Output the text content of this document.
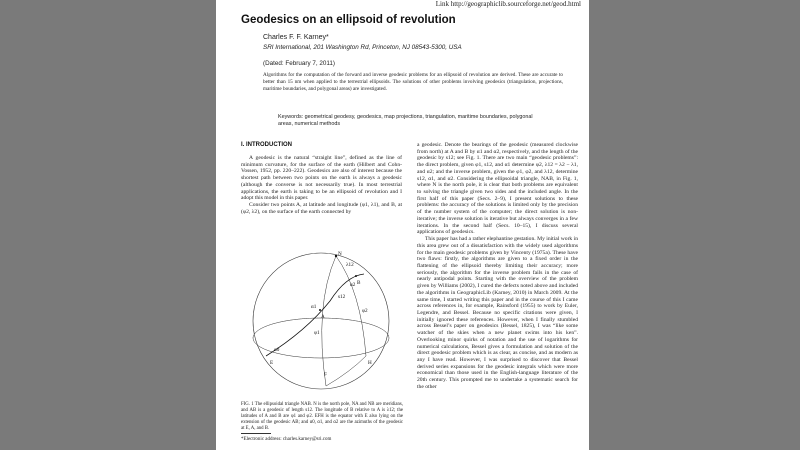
Link http://geographiclib.sourceforge.net/geod.html
Geodesics on an ellipsoid of revolution
Charles F. F. Karney*
SRI International, 201 Washington Rd, Princeton, NJ 08543-5300, USA
(Dated: February 7, 2011)
Algorithms for the computation of the forward and inverse geodesic problems for an ellipsoid of revolution are derived. These are accurate to better than 15 nm when applied to the terrestrial ellipsoids. The solutions of other problems involving geodesics (triangulation, projections, maritime boundaries, and polygonal areas) are investigated.
Keywords: geometrical geodesy, geodesics, map projections, triangulation, maritime boundaries, polygonal areas, numerical methods
I. INTRODUCTION

A geodesic is the natural “straight line”, defined as the line of minimum curvature, for the surface of the earth (Hilbert and Cohn-Vossen, 1952, pp. 220–222). Geodesics are also of interest because the shortest path between two points on the earth is always a geodesic (although the converse is not necessarily true). In most terrestrial applications, the earth is taking to be an ellipsoid of revolution and I adopt this model in this paper.

Consider two points A, at latitude and longitude (φ1, λ1), and B, at (φ2, λ2), on the surface of the earth connected by

N
B
A
E
F
H
α1
α2
α0
φ1
φ2
s12
λ12
FIG. 1 The ellipsoidal triangle NAB. N is the north pole, NA and NB are meridians, and AB is a geodesic of length s12. The longitude of B relative to A is λ12; the latitudes of A and B are φ1 and φ2. EFH is the equator with E also lying on the extension of the geodesic AB; and α0, α1, and α2 are the azimuths of the geodesic at E, A, and B.
*Electronic address: charles.karney@sri.com

a geodesic. Denote the bearings of the geodesic (measured clockwise from north) at A and B by α1 and α2, respectively, and the length of the geodesic by s12; see Fig. 1. There are two main “geodesic problems”: the direct problem, given φ1, s12, and α1 determine φ2, λ12 = λ2 − λ1, and α2; and the inverse problem, given the φ1, φ2, and λ12, determine s12, α1, and α2. Considering the ellipsoidal triangle, NAB, in Fig. 1, where N is the north pole, it is clear that both problems are equivalent to solving the triangle given two sides and the included angle. In the first half of this paper (Secs. 2–9), I present solutions to these problems: the accuracy of the solutions is limited only by the precision of the number system of the computer; the direct solution is non-iterative; the inverse solution is iterative but always converges in a few iterations. In the second half (Secs. 10–15), I discuss several applications of geodesics.

This paper has had a rather elephantine gestation. My initial work in this area grew out of a dissatisfaction with the widely used algorithms for the main geodesic problems given by Vincenty (1975a). These have two flaws: firstly, the algorithms are given to a fixed order in the flattening of the ellipsoid thereby limiting their accuracy; more seriously, the algorithm for the inverse problem fails in the case of nearly antipodal points. Starting with the overview of the problem given by Williams (2002), I cured the defects noted above and included the algorithms in GeographicLib (Karney, 2010) in March 2009. At the same time, I started writing this paper and in the course of this I came across references in, for example, Rainsford (1955) to work by Euler, Legendre, and Bessel. Because no specific citations were given, I initially ignored these references. However, when I finally stumbled across Bessel’s paper on geodesics (Bessel, 1825), I was “like some watcher of the skies when a new planet swims into his ken”. Overlooking minor quirks of notation and the use of logarithms for numerical calculations, Bessel gives a formulation and solution of the direct geodesic problem which is as clear, as concise, and as modern as any I have read. However, I was surprised to discover that Bessel derived series expansions for the geodesic integrals which were more economical than those used in the English-language literature of the 20th century. This prompted me to undertake a systematic search for the other
